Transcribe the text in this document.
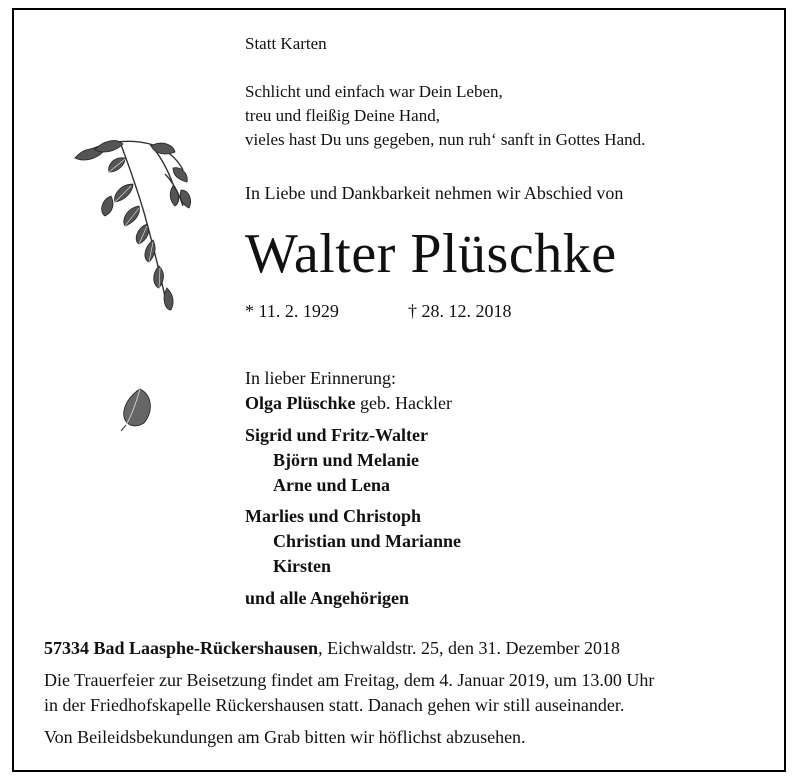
Statt Karten
Schlicht und einfach war Dein Leben,
treu und fleißig Deine Hand,
vieles hast Du uns gegeben, nun ruh‘ sanft in Gottes Hand.
In Liebe und Dankbarkeit nehmen wir Abschied von
Walter Plüschke
* 11. 2. 1929	† 28. 12. 2018
In lieber Erinnerung:
Olga Plüschke geb. Hackler
Sigrid und Fritz-Walter
Björn und Melanie
Arne und Lena
Marlies und Christoph
Christian und Marianne
Kirsten
und alle Angehörigen
57334 Bad Laasphe-Rückershausen, Eichwaldstr. 25, den 31. Dezember 2018
Die Trauerfeier zur Beisetzung findet am Freitag, dem 4. Januar 2019, um 13.00 Uhr
in der Friedhofskapelle Rückershausen statt. Danach gehen wir still auseinander.
Von Beileidsbekundungen am Grab bitten wir höflichst abzusehen.
